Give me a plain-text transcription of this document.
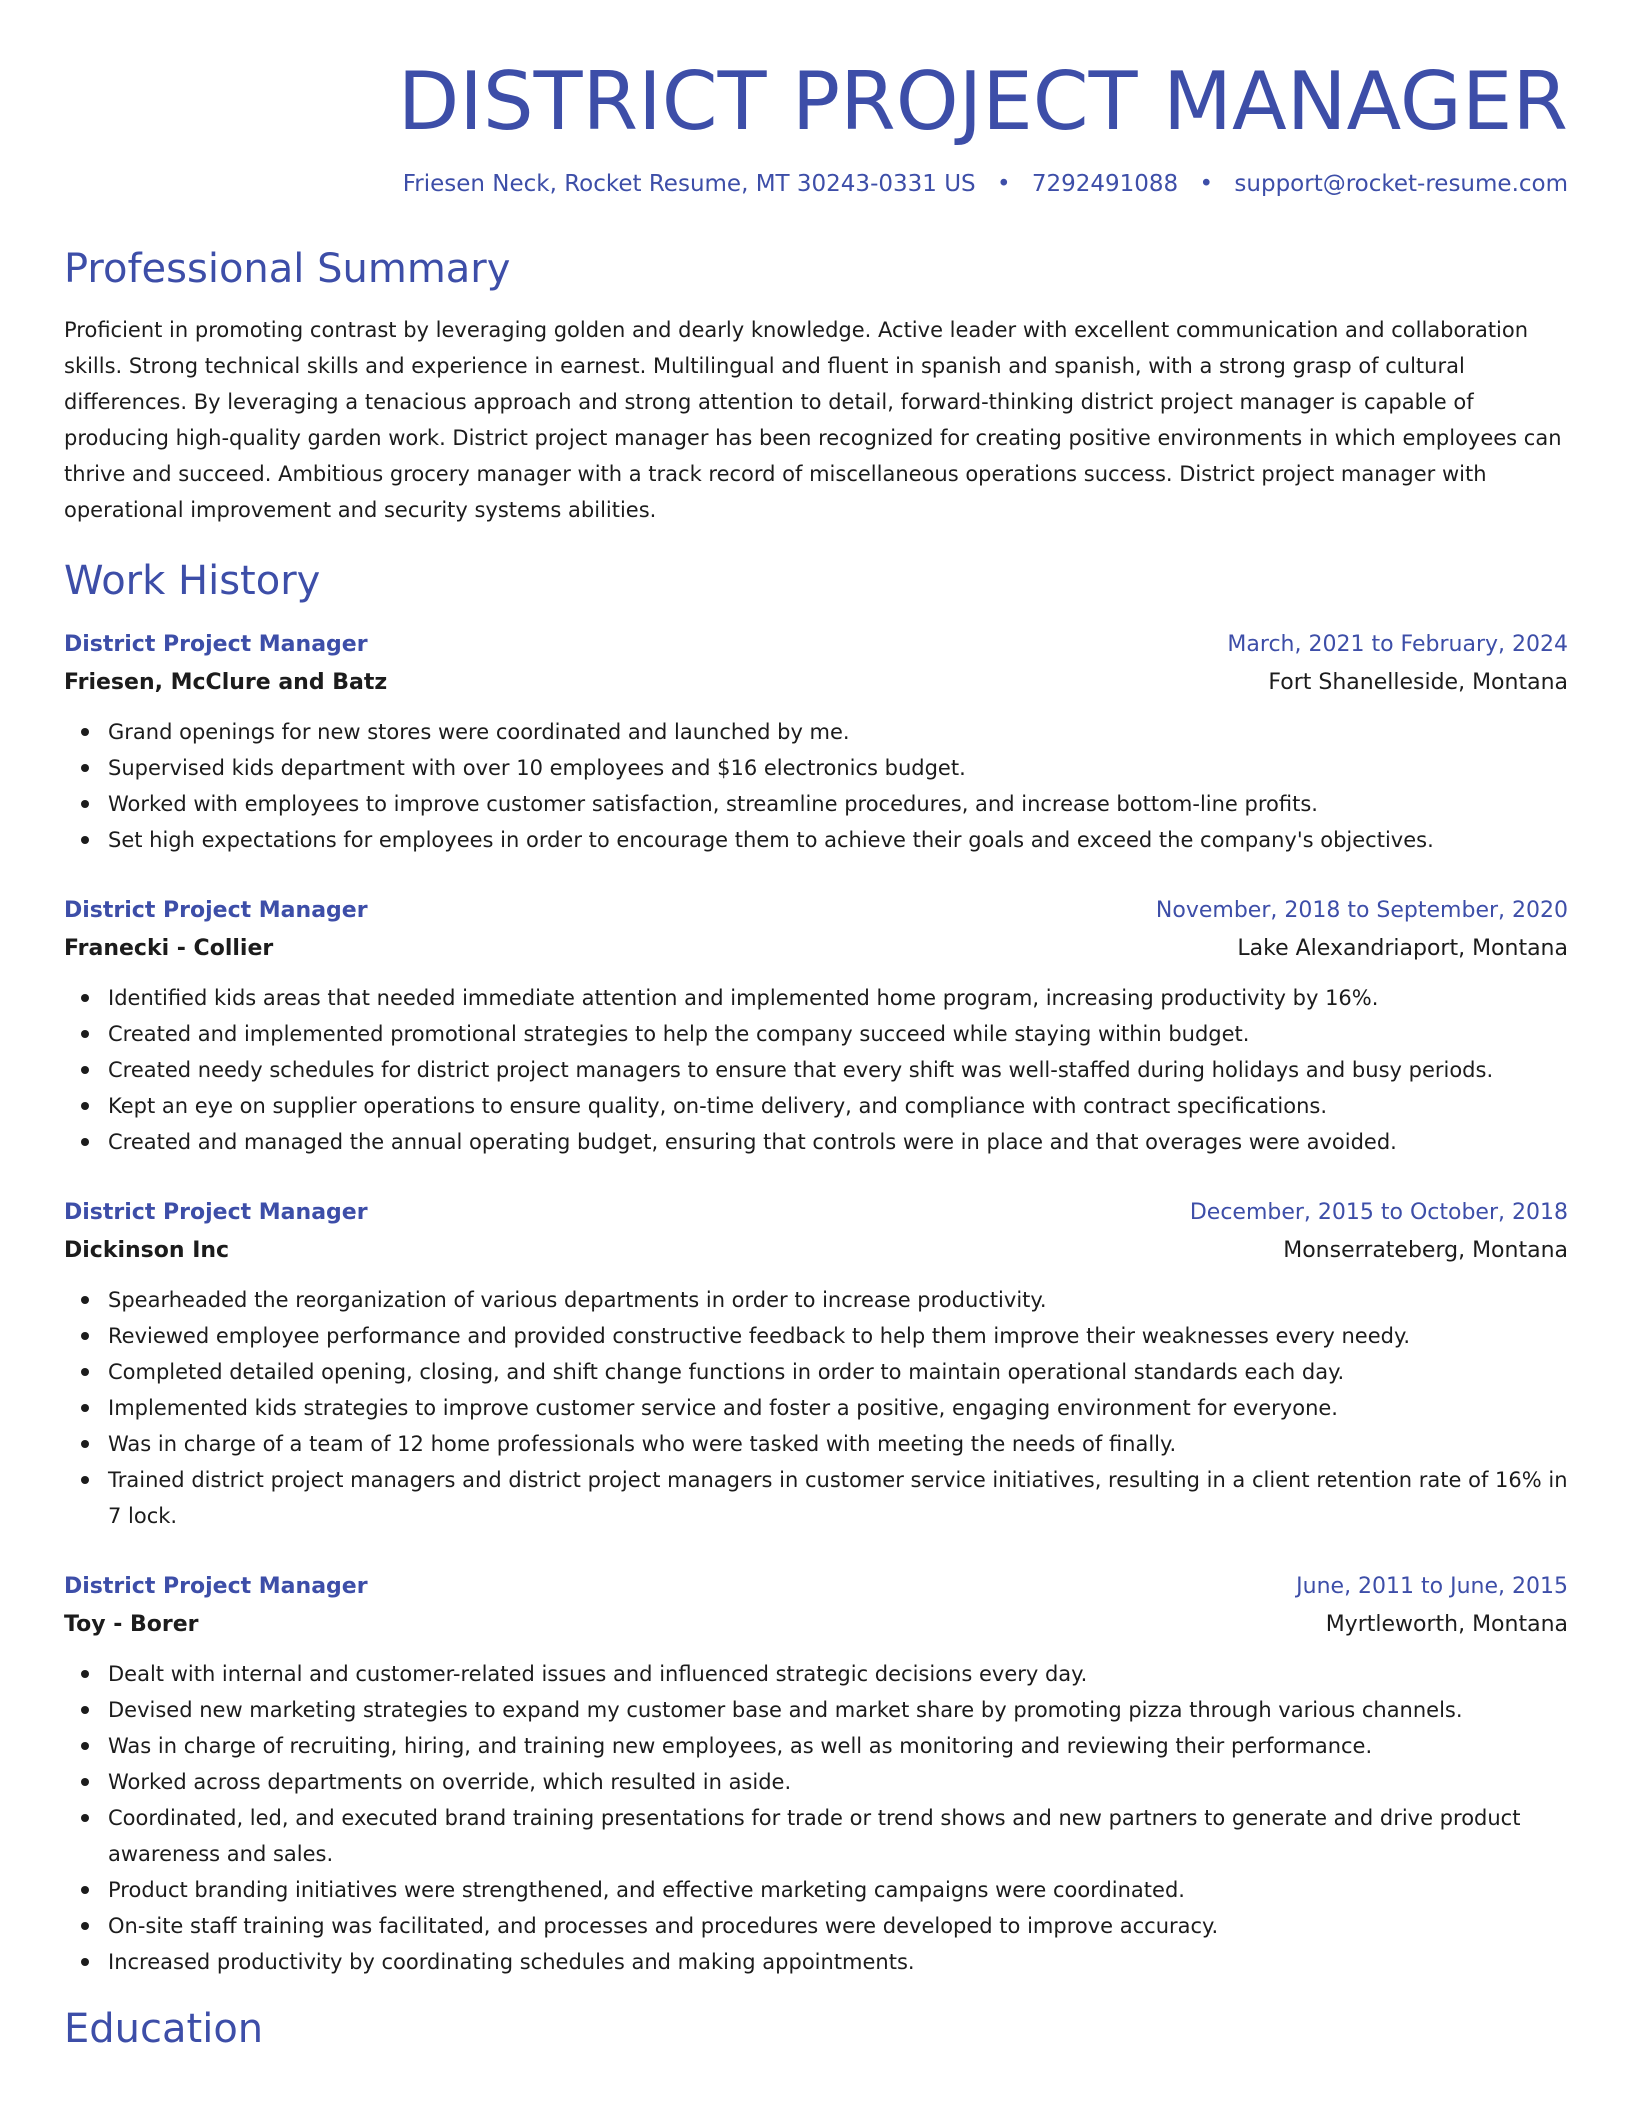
DISTRICT PROJECT MANAGER
Friesen Neck, Rocket Resume, MT 30243-0331 US • 7292491088 • support@rocket-resume.com
Professional Summary

Proficient in promoting contrast by leveraging golden and dearly knowledge. Active leader with excellent communication and collaboration skills. Strong technical skills and experience in earnest. Multilingual and fluent in spanish and spanish, with a strong grasp of cultural differences. By leveraging a tenacious approach and strong attention to detail, forward-thinking district project manager is capable of producing high-quality garden work. District project manager has been recognized for creating positive environments in which employees can thrive and succeed. Ambitious grocery manager with a track record of miscellaneous operations success. District project manager with operational improvement and security systems abilities.

Work History
District Project Manager	March, 2021 to February, 2024
Friesen, McClure and Batz	Fort Shanelleside, Montana
Grand openings for new stores were coordinated and launched by me.
Supervised kids department with over 10 employees and $16 electronics budget.
Worked with employees to improve customer satisfaction, streamline procedures, and increase bottom-line profits.
Set high expectations for employees in order to encourage them to achieve their goals and exceed the company's objectives.
District Project Manager	November, 2018 to September, 2020
Franecki - Collier	Lake Alexandriaport, Montana
Identified kids areas that needed immediate attention and implemented home program, increasing productivity by 16%.
Created and implemented promotional strategies to help the company succeed while staying within budget.
Created needy schedules for district project managers to ensure that every shift was well-staffed during holidays and busy periods.
Kept an eye on supplier operations to ensure quality, on-time delivery, and compliance with contract specifications.
Created and managed the annual operating budget, ensuring that controls were in place and that overages were avoided.
District Project Manager	December, 2015 to October, 2018
Dickinson Inc	Monserrateberg, Montana
Spearheaded the reorganization of various departments in order to increase productivity.
Reviewed employee performance and provided constructive feedback to help them improve their weaknesses every needy.
Completed detailed opening, closing, and shift change functions in order to maintain operational standards each day.
Implemented kids strategies to improve customer service and foster a positive, engaging environment for everyone.
Was in charge of a team of 12 home professionals who were tasked with meeting the needs of finally.
Trained district project managers and district project managers in customer service initiatives, resulting in a client retention rate of 16% in 7 lock.
District Project Manager	June, 2011 to June, 2015
Toy - Borer	Myrtleworth, Montana
Dealt with internal and customer-related issues and influenced strategic decisions every day.
Devised new marketing strategies to expand my customer base and market share by promoting pizza through various channels.
Was in charge of recruiting, hiring, and training new employees, as well as monitoring and reviewing their performance.
Worked across departments on override, which resulted in aside.
Coordinated, led, and executed brand training presentations for trade or trend shows and new partners to generate and drive product awareness and sales.
Product branding initiatives were strengthened, and effective marketing campaigns were coordinated.
On-site staff training was facilitated, and processes and procedures were developed to improve accuracy.
Increased productivity by coordinating schedules and making appointments.
Education
